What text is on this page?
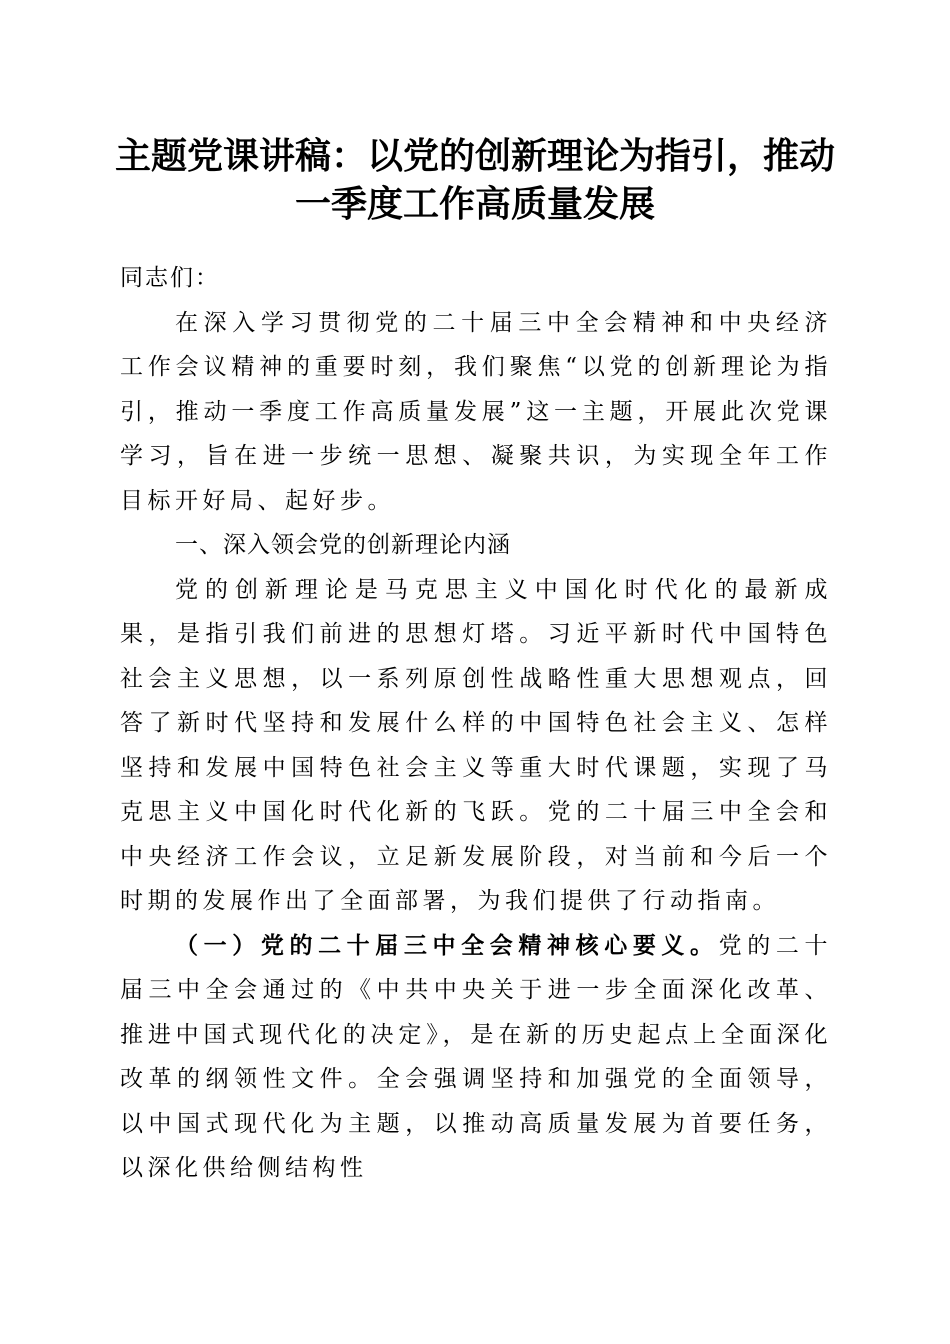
主题党课讲稿：以党的创新理论为指引，推动
一季度工作高质量发展

同志们：

在深入学习贯彻党的二十届三中全会精神和中央经济工作会议精神的重要时刻，我们聚焦“以党的创新理论为指引，推动一季度工作高质量发展”这一主题，开展此次党课学习，旨在进一步统一思想、凝聚共识，为实现全年工作目标开好局、起好步。

一、深入领会党的创新理论内涵

党的创新理论是马克思主义中国化时代化的最新成果，是指引我们前进的思想灯塔。习近平新时代中国特色社会主义思想，以一系列原创性战略性重大思想观点，回答了新时代坚持和发展什么样的中国特色社会主义、怎样坚持和发展中国特色社会主义等重大时代课题，实现了马克思主义中国化时代化新的飞跃。党的二十届三中全会和中央经济工作会议，立足新发展阶段，对当前和今后一个时期的发展作出了全面部署，为我们提供了行动指南。

（一）党的二十届三中全会精神核心要义。党的二十届三中全会通过的《中共中央关于进一步全面深化改革、推进中国式现代化的决定》，是在新的历史起点上全面深化改革的纲领性文件。全会强调坚持和加强党的全面领导，以中国式现代化为主题，以推动高质量发展为首要任务，以深化供给侧结构性
